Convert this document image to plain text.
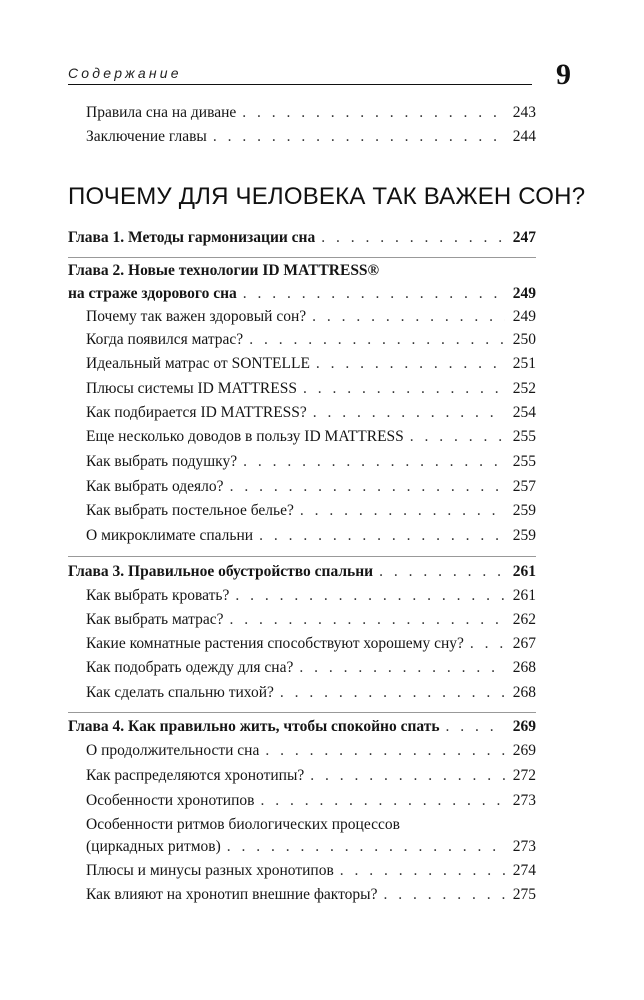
Содержание	9
Правила сна на диване . . .	243
Заключение главы . . .	244
ПОЧЕМУ ДЛЯ ЧЕЛОВЕКА ТАК ВАЖЕН СОН?
Глава 1. Методы гармонизации сна . . .	247
Глава 2. Новые технологии ID MATTRESS®
на страже здорового сна . . .	249
Почему так важен здоровый сон? . . .	249
Когда появился матрас? . . .	250
Идеальный матрас от SONTELLE . . .	251
Плюсы системы ID MATTRESS . . .	252
Как подбирается ID MATTRESS? . . .	254
Еще несколько доводов в пользу ID MATTRESS . . .	255
Как выбрать подушку? . . .	255
Как выбрать одеяло? . . .	257
Как выбрать постельное белье? . . .	259
О микроклимате спальни . . .	259
Глава 3. Правильное обустройство спальни . . .	261
Как выбрать кровать? . . .	261
Как выбрать матрас? . . .	262
Какие комнатные растения способствуют хорошему сну? . . .	267
Как подобрать одежду для сна? . . .	268
Как сделать спальню тихой? . . .	268
Глава 4. Как правильно жить, чтобы спокойно спать . . .	269
О продолжительности сна . . .	269
Как распределяются хронотипы? . . .	272
Особенности хронотипов . . .	273
Особенности ритмов биологических процессов
(циркадных ритмов) . . .	273
Плюсы и минусы разных хронотипов . . .	274
Как влияют на хронотип внешние факторы? . . .	275
